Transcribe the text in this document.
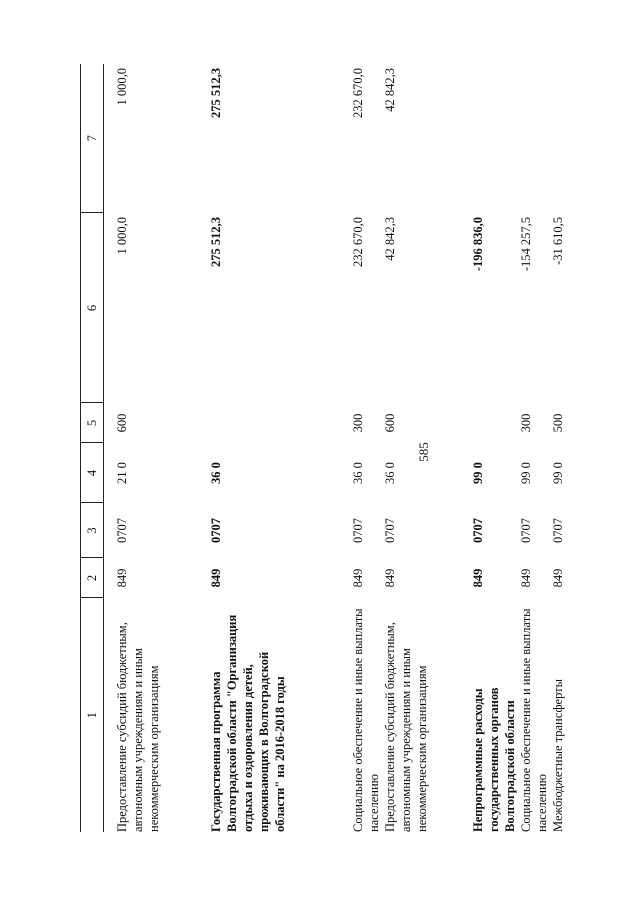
585
1	2	3	4	5	6	7
Предоставление субсидий бюджетным, автономным учреждениям и иным некоммерческим организациям	849	0707	21 0	600	1 000,0	1 000,0
Государственная программа Волгоградской области "Организация отдыха и оздоровления детей, проживающих в Волгоградской области" на 2016-2018 годы	849	0707	36 0		275 512,3	275 512,3
Социальное обеспечение и иные выплаты населению	849	0707	36 0	300	232 670,0	232 670,0
Предоставление субсидий бюджетным, автономным учреждениям и иным некоммерческим организациям	849	0707	36 0	600	42 842,3	42 842,3
Непрограммные расходы государственных органов Волгоградской области	849	0707	99 0		-196 836,0	
Социальное обеспечение и иные выплаты населению	849	0707	99 0	300	-154 257,5	
Межбюджетные трансферты	849	0707	99 0	500	-31 610,5	
